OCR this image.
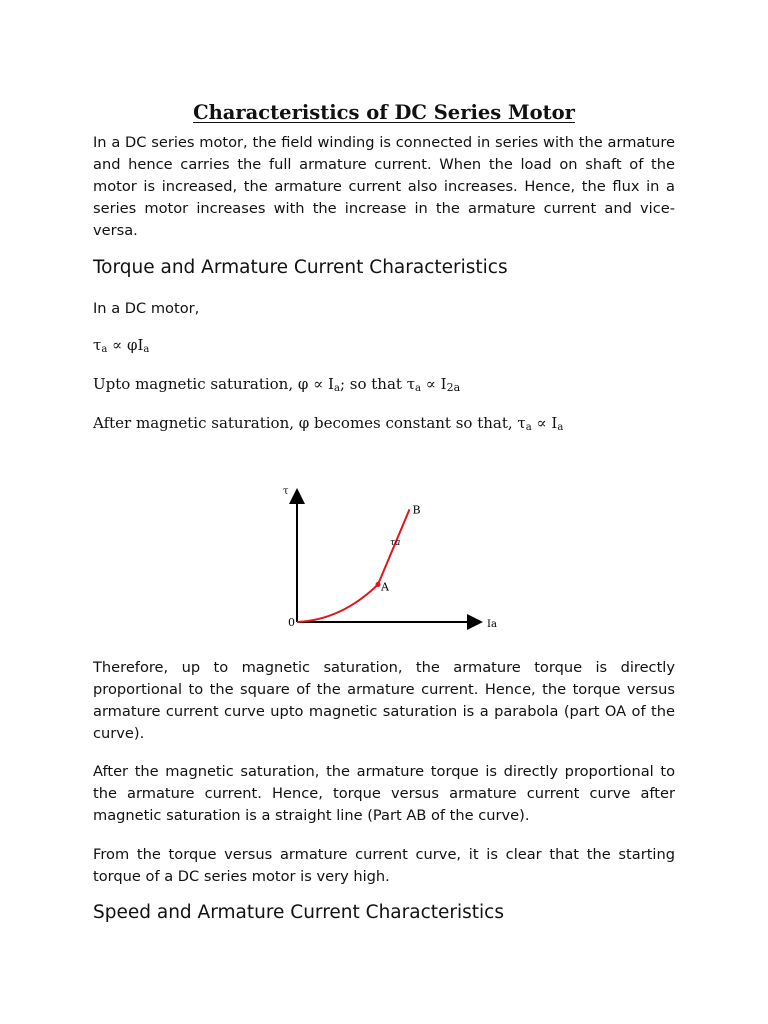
Characteristics of DC Series Motor

In a DC series motor, the field winding is connected in series with the armature and hence carries the full armature current. When the load on shaft of the motor is increased, the armature current also increases. Hence, the flux in a series motor increases with the increase in the armature current and vice-versa.

Torque and Armature Current Characteristics

In a DC motor,

$\tau_a \propto \varphi I_a$

Upto magnetic saturation, $\varphi \propto I_a$; so that $\tau_a \propto I2a$

After magnetic saturation, φ becomes constant so that, $\tau_a \propto I_a$

τ
Ia
0
τa
A
B

Therefore, up to magnetic saturation, the armature torque is directly proportional to the square of the armature current. Hence, the torque versus armature current curve upto magnetic saturation is a parabola (part OA of the curve).

After the magnetic saturation, the armature torque is directly proportional to the armature current. Hence, torque versus armature current curve after magnetic saturation is a straight line (Part AB of the curve).

From the torque versus armature current curve, it is clear that the starting torque of a DC series motor is very high.

Speed and Armature Current Characteristics
